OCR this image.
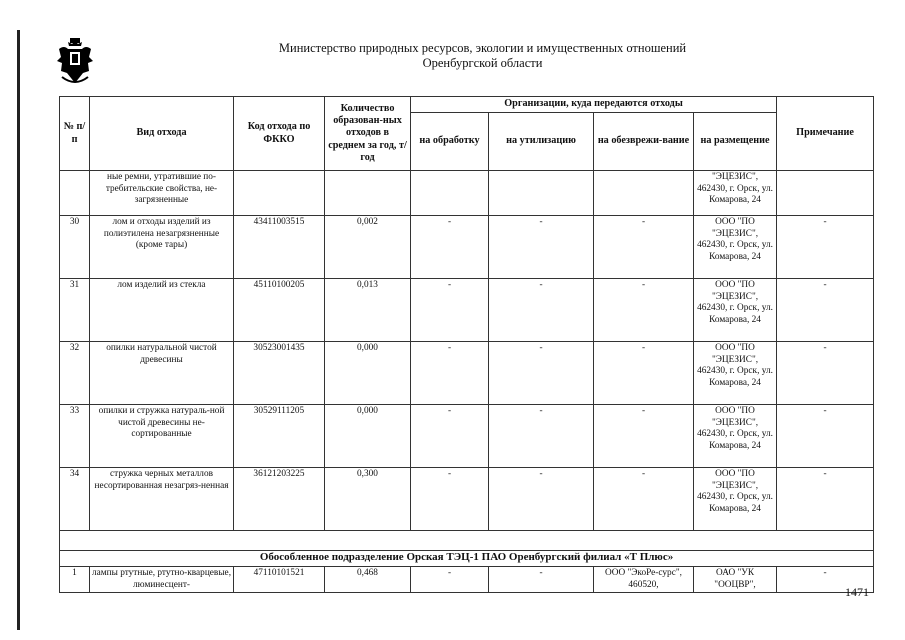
Министерство природных ресурсов, экологии и имущественных отношений
Оренбургской области
№ п/п	Вид отхода	Код отхода по ФККО	Количество образован-ных отходов в среднем за год, т/год	Организации, куда передаются отходы				Примечание
				на обработку	на утилизацию	на обезврежи-вание	на размещение	
	ные ремни, утратившие по-требительские свойства, не-загрязненные						"ЭЦЕЗИС", 462430, г. Орск, ул. Комарова, 24	
30	лом и отходы изделий из полиэтилена незагрязненные (кроме тары)	43411003515	0,002	-	-	-	ООО "ПО "ЭЦЕЗИС", 462430, г. Орск, ул. Комарова, 24	-
31	лом изделий из стекла	45110100205	0,013	-	-	-	ООО "ПО "ЭЦЕЗИС", 462430, г. Орск, ул. Комарова, 24	-
32	опилки натуральной чистой древесины	30523001435	0,000	-	-	-	ООО "ПО "ЭЦЕЗИС", 462430, г. Орск, ул. Комарова, 24	-
33	опилки и стружка натураль-ной чистой древесины не-сортированные	30529111205	0,000	-	-	-	ООО "ПО "ЭЦЕЗИС", 462430, г. Орск, ул. Комарова, 24	-
34	стружка черных металлов несортированная незагряз-ненная	36121203225	0,300	-	-	-	ООО "ПО "ЭЦЕЗИС", 462430, г. Орск, ул. Комарова, 24	-

Обособленное подразделение Орская ТЭЦ-1 ПАО Оренбургский филиал «Т Плюс»								
1	лампы ртутные, ртутно-кварцевые, люминесцент-	47110101521	0,468	-	-	ООО "ЭкоРе-сурс", 460520,	ОАО "УК "ООЦВР",	-
1471
